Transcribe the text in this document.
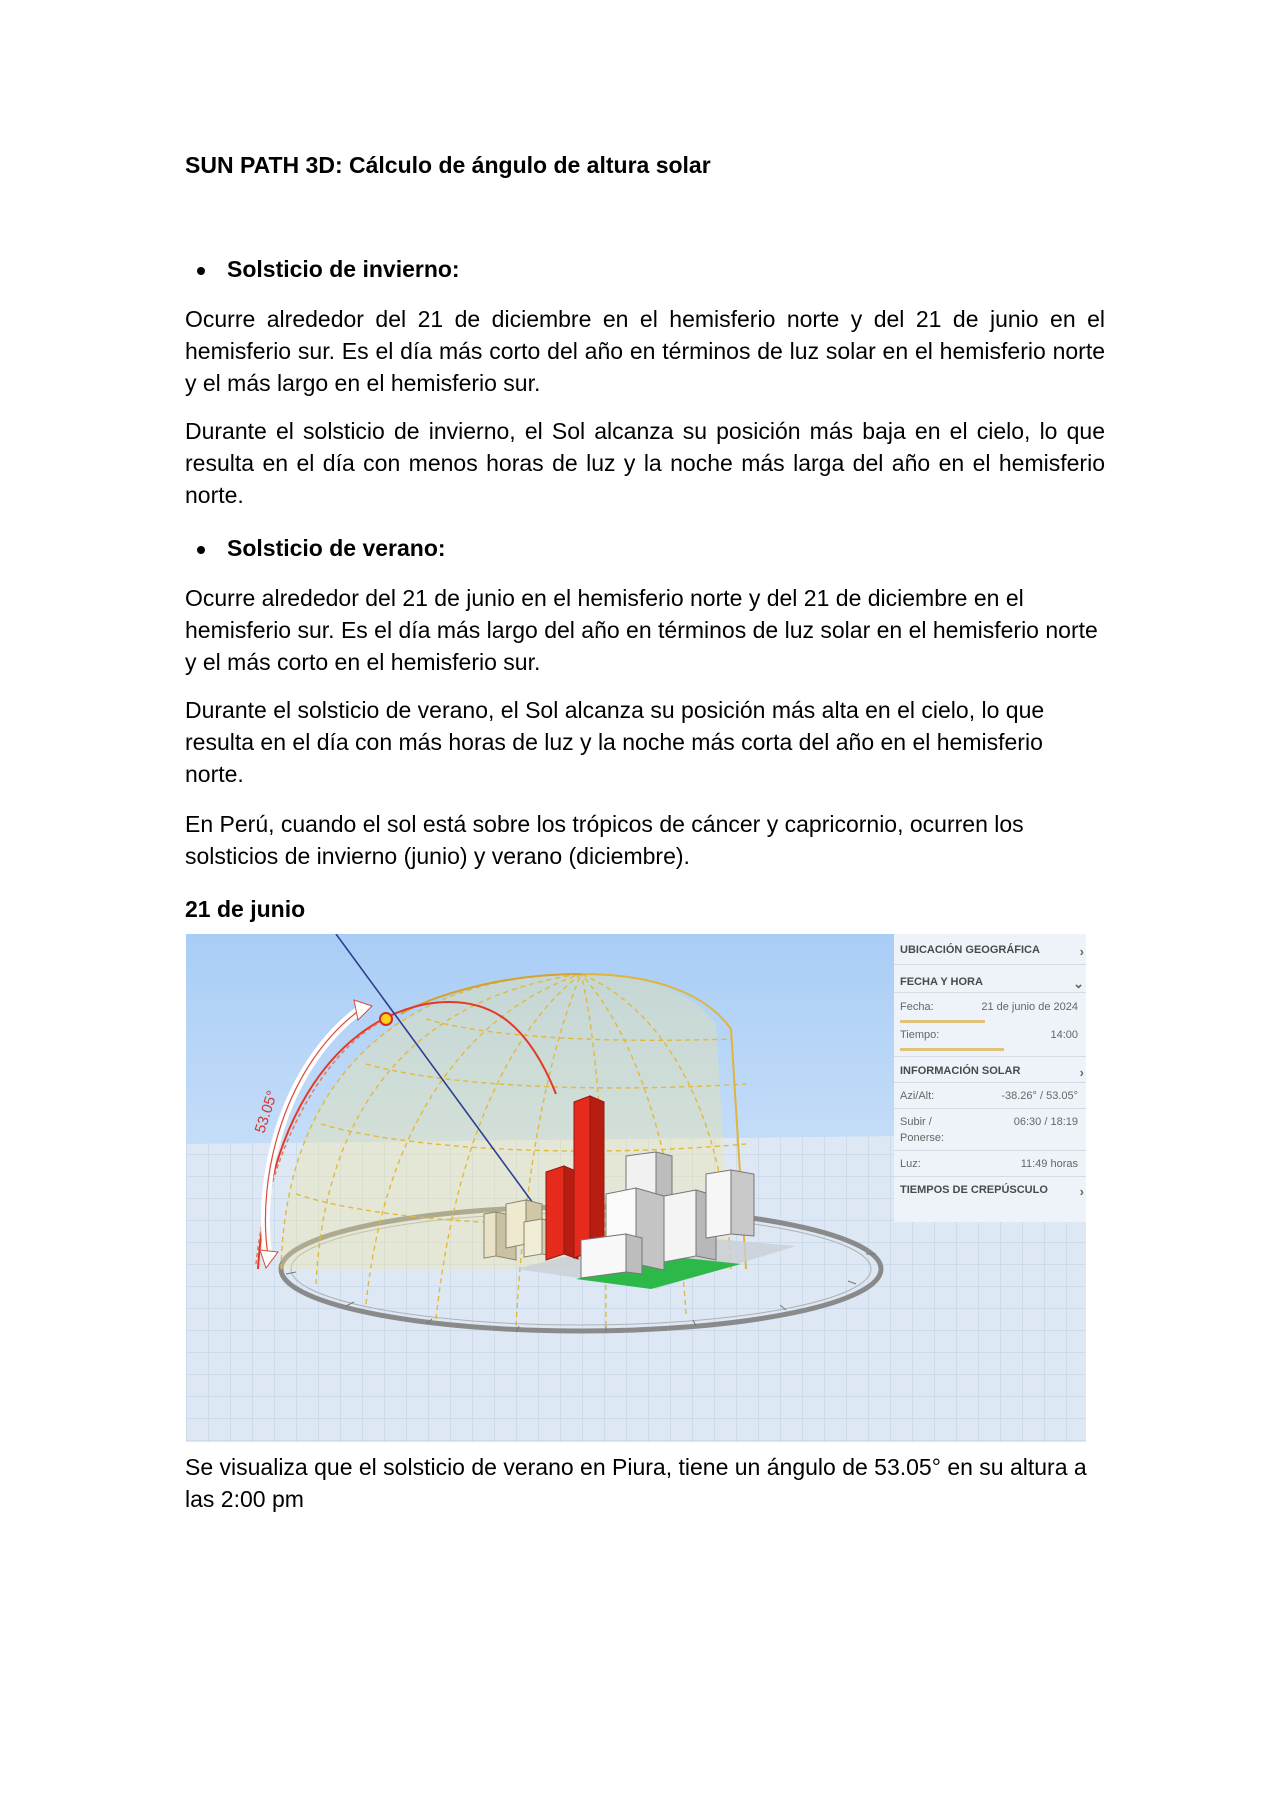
SUN PATH 3D: Cálculo de ángulo de altura solar
Solsticio de invierno:

Ocurre alrededor del 21 de diciembre en el hemisferio norte y del 21 de junio en el hemisferio sur. Es el día más corto del año en términos de luz solar en el hemisferio norte y el más largo en el hemisferio sur.

Durante el solsticio de invierno, el Sol alcanza su posición más baja en el cielo, lo que resulta en el día con menos horas de luz y la noche más larga del año en el hemisferio norte.

Solsticio de verano:

Ocurre alrededor del 21 de junio en el hemisferio norte y del 21 de diciembre en el hemisferio sur. Es el día más largo del año en términos de luz solar en el hemisferio norte y el más corto en el hemisferio sur.

Durante el solsticio de verano, el Sol alcanza su posición más alta en el cielo, lo que resulta en el día con más horas de luz y la noche más corta del año en el hemisferio norte.

En Perú, cuando el sol está sobre los trópicos de cáncer y capricornio, ocurren los solsticios de invierno (junio) y verano (diciembre).

21 de junio
53.05°
UBICACIÓN GEOGRÁFICA	›
FECHA Y HORA	⌄
Fecha:	21 de junio de 2024
Tiempo:	14:00
INFORMACIÓN SOLAR	›
Azi/Alt:	-38.26° / 53.05°
Subir /	06:30 / 18:19
Ponerse:
Luz:	11:49 horas
TIEMPOS DE CREPÚSCULO ›

Se visualiza que el solsticio de verano en Piura, tiene un ángulo de 53.05° en su altura a las 2:00 pm
